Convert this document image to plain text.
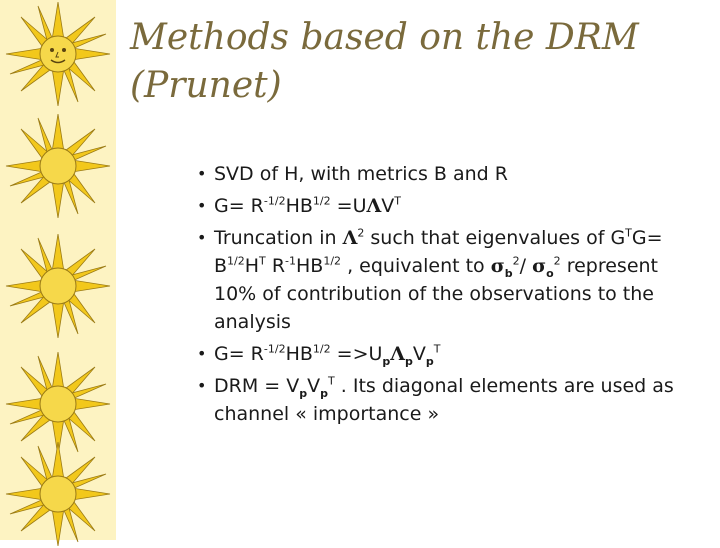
Methods based on the DRM
(Prunet)
• SVD of H, with metrics B and R
• $G= R^{-1/2}HB^{1/2} =U\Lambda V^T$
• Truncation in $\Lambda^2$ such that eigenvalues of $G^TG= B^{1/2}H^T$ $R^{-1}HB^{1/2}$ , equivalent to $\sigma_b^2/$ $\sigma_o^2$ represent 10% of contribution of the observations to the analysis
• $G= R^{-1/2}HB^{1/2} =>U_p\Lambda_pV_p^T$
• DRM = $V_pV_p^T$ . Its diagonal elements are used as channel « importance »
